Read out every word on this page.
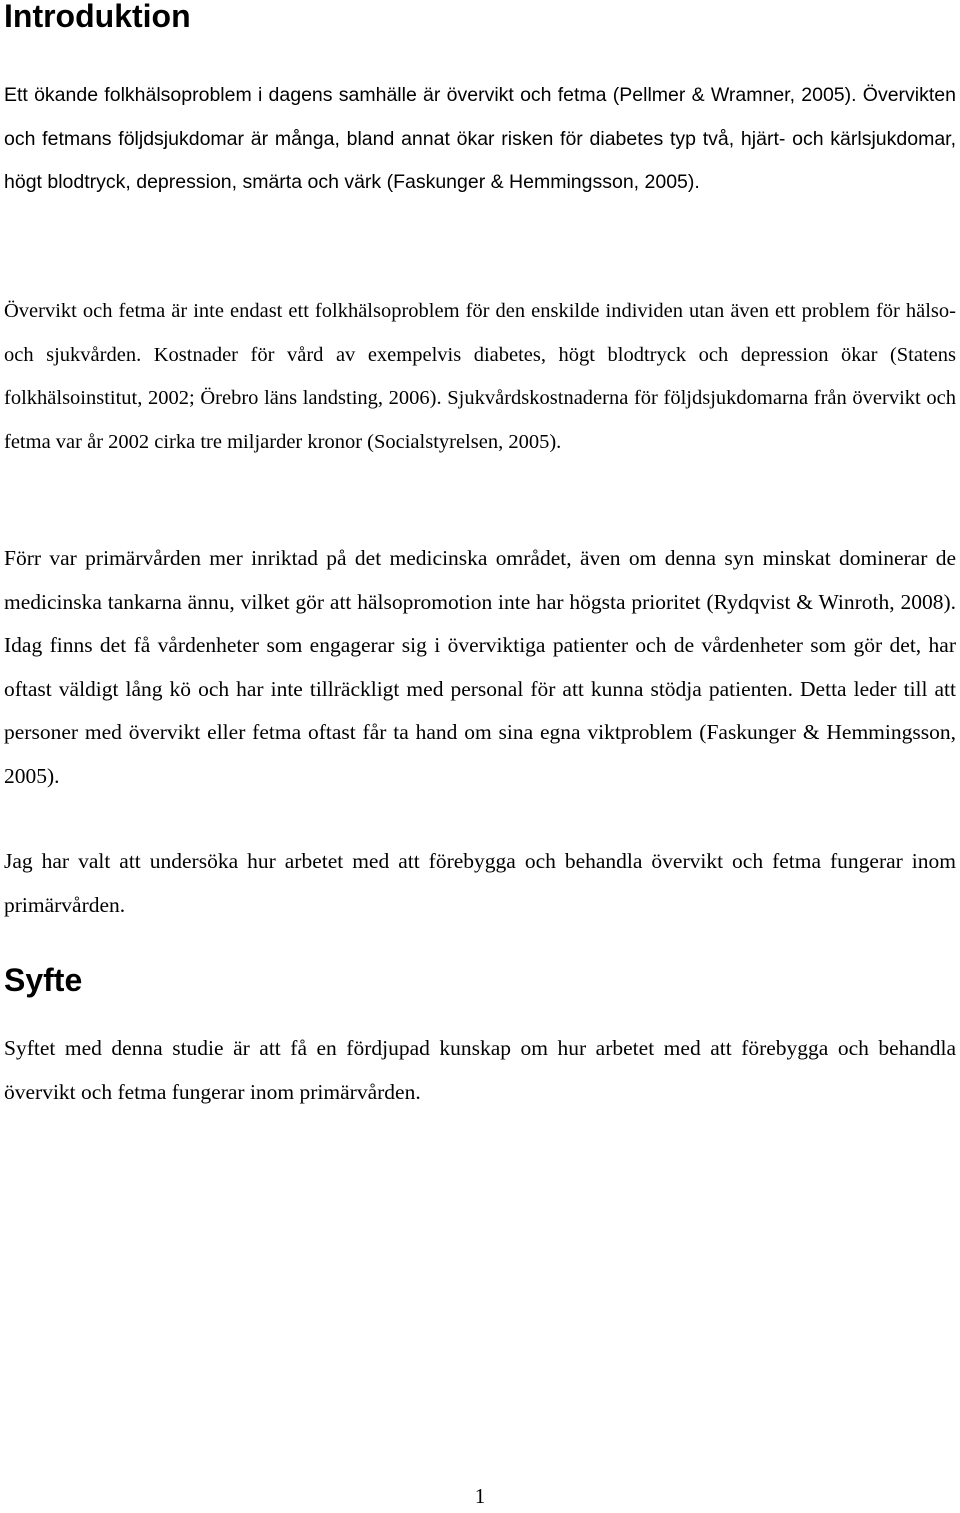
Introduktion

Ett ökande folkhälsoproblem i dagens samhälle är övervikt och fetma (Pellmer & Wramner, 2005). Övervikten och fetmans följdsjukdomar är många, bland annat ökar risken för diabetes typ två, hjärt- och kärlsjukdomar, högt blodtryck, depression, smärta och värk (Faskunger & Hemmingsson, 2005).

Övervikt och fetma är inte endast ett folkhälsoproblem för den enskilde individen utan även ett problem för hälso- och sjukvården. Kostnader för vård av exempelvis diabetes, högt blodtryck och depression ökar (Statens folkhälsoinstitut, 2002; Örebro läns landsting, 2006). Sjukvårdskostnaderna för följdsjukdomarna från övervikt och fetma var år 2002 cirka tre miljarder kronor (Socialstyrelsen, 2005).

Förr var primärvården mer inriktad på det medicinska området, även om denna syn minskat dominerar de medicinska tankarna ännu, vilket gör att hälsopromotion inte har högsta prioritet (Rydqvist & Winroth, 2008). Idag finns det få vårdenheter som engagerar sig i överviktiga patienter och de vårdenheter som gör det, har oftast väldigt lång kö och har inte tillräckligt med personal för att kunna stödja patienten. Detta leder till att personer med övervikt eller fetma oftast får ta hand om sina egna viktproblem (Faskunger & Hemmingsson, 2005).

Jag har valt att undersöka hur arbetet med att förebygga och behandla övervikt och fetma fungerar inom primärvården.

Syfte

Syftet med denna studie är att få en fördjupad kunskap om hur arbetet med att förebygga och behandla övervikt och fetma fungerar inom primärvården.

1
